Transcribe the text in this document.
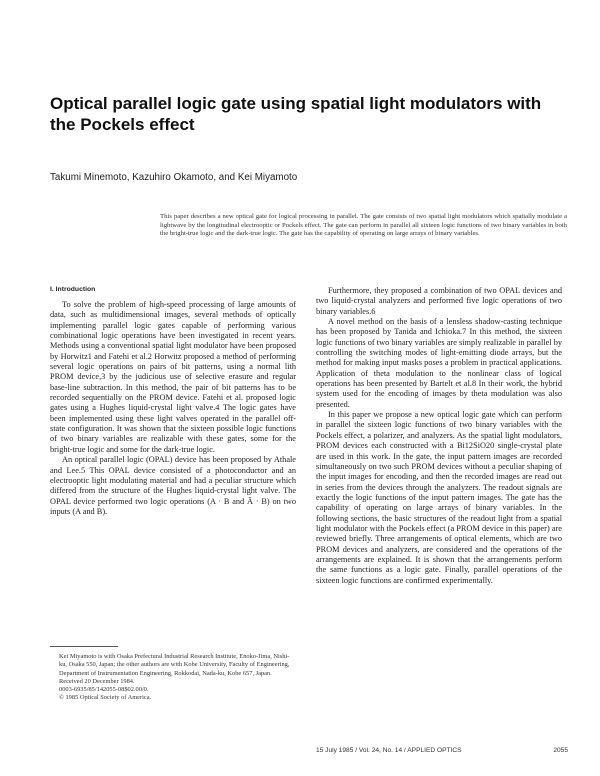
Optical parallel logic gate using spatial light modulators with the Pockels effect
Takumi Minemoto, Kazuhiro Okamoto, and Kei Miyamoto
This paper describes a new optical gate for logical processing in parallel. The gate consists of two spatial light modulators which spatially modulate a lightwave by the longitudinal electrooptic or Pockels effect. The gate can perform in parallel all sixteen logic functions of two binary variables in both the bright-true logic and the dark-true logic. The gate has the capability of operating on large arrays of binary variables.
I. Introduction

To solve the problem of high-speed processing of large amounts of data, such as multidimensional images, several methods of optically implementing parallel logic gates capable of performing various combinational logic operations have been investigated in recent years. Methods using a conventional spatial light modulator have been proposed by Horwitz1 and Fatehi et al.2 Horwitz proposed a method of performing several logic operations on pairs of bit patterns, using a normal lith PROM device,3 by the judicious use of selective erasure and regular base-line subtraction. In this method, the pair of bit patterns has to be recorded sequentially on the PROM device. Fatehi et al. proposed logic gates using a Hughes liquid-crystal light valve.4 The logic gates have been implemented using these light valves operated in the parallel off-state configuration. It was shown that the sixteen possible logic functions of two binary variables are realizable with these gates, some for the bright-true logic and some for the dark-true logic.

An optical parallel logic (OPAL) device has been proposed by Athale and Lee.5 This OPAL device consisted of a photoconductor and an electrooptic light modulating material and had a peculiar structure which differed from the structure of the Hughes liquid-crystal light valve. The OPAL device performed two logic operations (A · B and Ā · B) on two inputs (A and B).

Furthermore, they proposed a combination of two OPAL devices and two liquid-crystal analyzers and performed five logic operations of two binary variables.6

A novel method on the basis of a lensless shadow-casting technique has been proposed by Tanida and Ichioka.7 In this method, the sixteen logic functions of two binary variables are simply realizable in parallel by controlling the switching modes of light-emitting diode arrays, but the method for making input masks poses a problem in practical applications. Application of theta modulation to the nonlinear class of logical operations has been presented by Bartelt et al.8 In their work, the hybrid system used for the encoding of images by theta modulation was also presented.

In this paper we propose a new optical logic gate which can perform in parallel the sixteen logic functions of two binary variables with the Pockels effect, a polarizer, and analyzers. As the spatial light modulators, PROM devices each constructed with a Bi12SiO20 single-crystal plate are used in this work. In the gate, the input pattern images are recorded simultaneously on two such PROM devices without a peculiar shaping of the input images for encoding, and then the recorded images are read out in series from the devices through the analyzers. The readout signals are exactly the logic functions of the input pattern images. The gate has the capability of operating on large arrays of binary variables. In the following sections, the basic structures of the readout light from a spatial light modulator with the Pockels effect (a PROM device in this paper) are reviewed briefly. Three arrangements of optical elements, which are two PROM devices and analyzers, are considered and the operations of the arrangements are explained. It is shown that the arrangements perform the same functions as a logic gate. Finally, parallel operations of the sixteen logic functions are confirmed experimentally.

Kei Miyamoto is with Osaka Prefectural Industrial Research Institute, Enoko-Jima, Nishi-ku, Osaka 550, Japan; the other authors are with Kobe University, Faculty of Engineering, Department of Instrumentation Engineering, Rokkodai, Nada-ku, Kobe 657, Japan.
Received 20 December 1984.
0003-6935/85/142055-08$02.00/0.
© 1985 Optical Society of America.
15 July 1985 / Vol. 24, No. 14 / APPLIED OPTICS	2055
